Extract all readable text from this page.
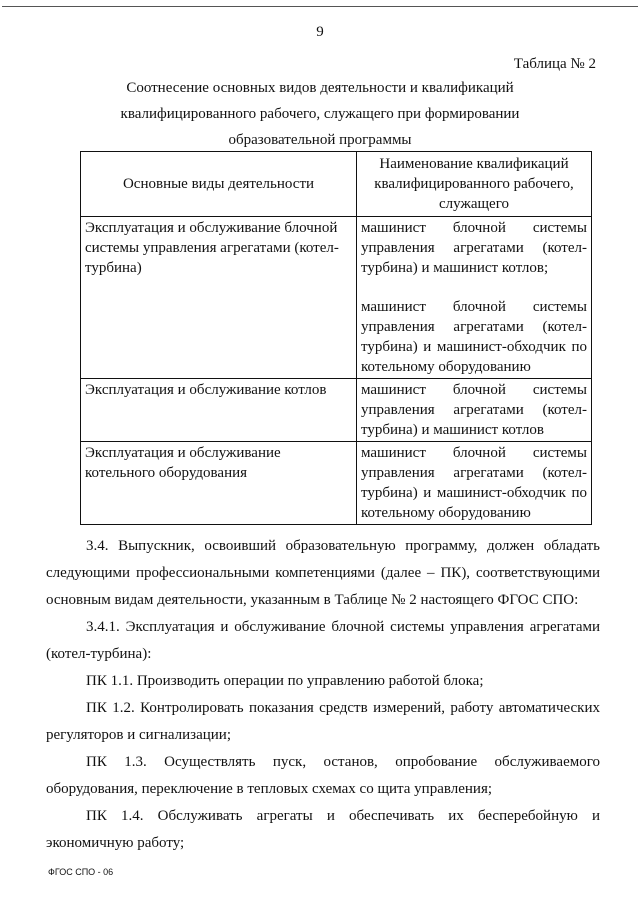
9
Таблица № 2
Соотнесение основных видов деятельности и квалификаций
квалифицированного рабочего, служащего при формировании
образовательной программы
Основные виды деятельности	Наименование квалификаций квалифицированного рабочего, служащего
Эксплуатация и обслуживание блочной системы управления агрегатами (котел-турбина)	машинист блочной системы управления агрегатами (котел-турбина) и машинист котлов;

машинист блочной системы управления агрегатами (котел-турбина) и машинист-обходчик по котельному оборудованию

Эксплуатация и обслуживание котлов	машинист блочной системы управления агрегатами (котел-турбина) и машинист котлов

Эксплуатация и обслуживание котельного оборудования	машинист блочной системы управления агрегатами (котел-турбина) и машинист-обходчик по котельному оборудованию

3.4. Выпускник, освоивший образовательную программу, должен обладать следующими профессиональными компетенциями (далее – ПК), соответствующими основным видам деятельности, указанным в Таблице № 2 настоящего ФГОС СПО:

3.4.1. Эксплуатация и обслуживание блочной системы управления агрегатами (котел-турбина):

ПК 1.1. Производить операции по управлению работой блока;

ПК 1.2. Контролировать показания средств измерений, работу автоматических регуляторов и сигнализации;

ПК 1.3. Осуществлять пуск, останов, опробование обслуживаемого оборудования, переключение в тепловых схемах со щита управления;

ПК 1.4. Обслуживать агрегаты и обеспечивать их бесперебойную и экономичную работу;

ФГОС СПО - 06
